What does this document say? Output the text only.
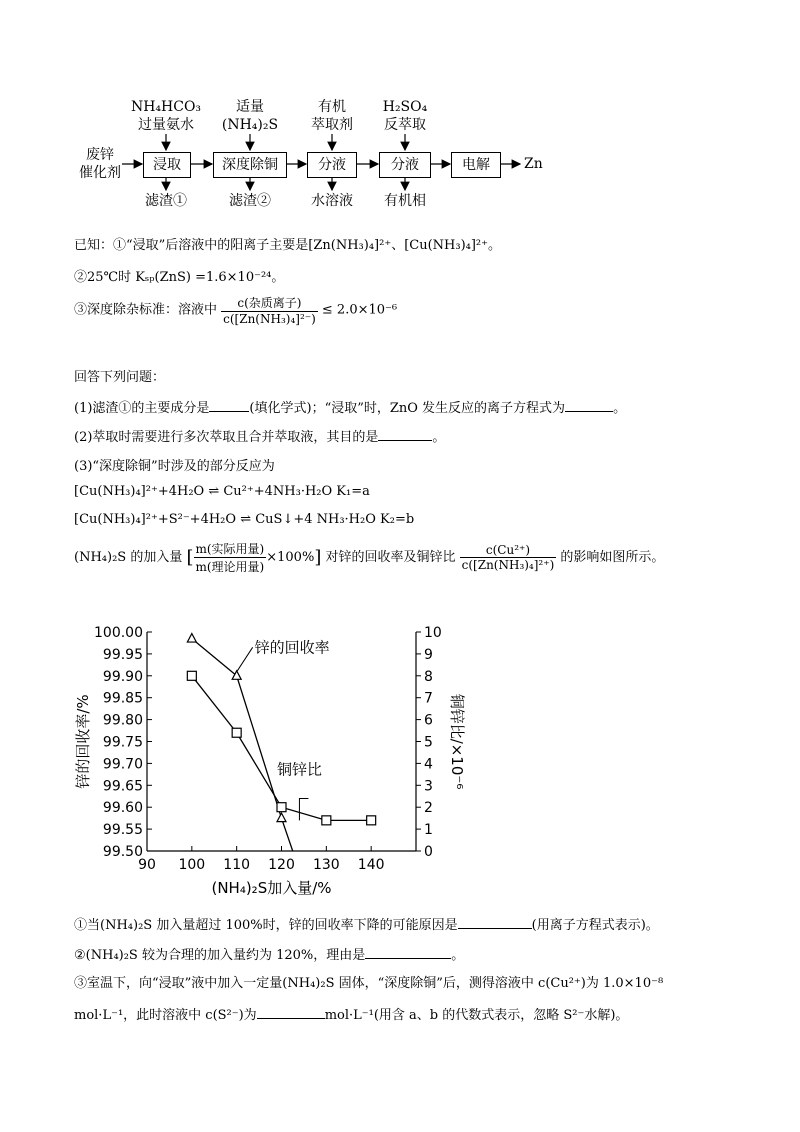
废锌
催化剂
NH₄HCO₃
过量氨水
适量
(NH₄)₂S
有机
萃取剂
H₂SO₄
反萃取
浸取	深度除铜	分液	分液	电解	Zn
滤渣①	滤渣②	水溶液	有机相
已知：①“浸取”后溶液中的阳离子主要是[Zn(NH₃)₄]²⁺、[Cu(NH₃)₄]²⁺。
②25℃时 Kₛₚ(ZnS) =1.6×10⁻²⁴。
③深度除杂标准：溶液中 $\frac{\text{c(杂质离子)}}{\text{c([Zn(NH₃)₄]²⁻)}} \le 2.0\times 10^{-6}$
回答下列问题：
(1)滤渣①的主要成分是	(填化学式)；“浸取”时，ZnO 发生反应的离子方程式为	。
(2)萃取时需要进行多次萃取且合并萃取液，其目的是	。
(3)“深度除铜”时涉及的部分反应为
[Cu(NH₃)₄]²⁺+4H₂O ⇌ Cu²⁺+4NH₃·H₂O K₁=a
[Cu(NH₃)₄]²⁺+S²⁻+4H₂O ⇌ CuS↓+4 NH₃·H₂O K₂=b
(NH₄)₂S 的加入量 [ $\frac{\text{m(实际用量)}}{\text{m(理论用量)}} \times 100\%$] 对锌的回收率及铜锌比 $\frac{\text{c(Cu²⁺)}}{\text{c([Zn(NH₃)₄]²⁺)}}$ 的影响如图所示。
99.50
99.55
99.60
99.65
99.70
99.75
99.80
99.85
99.90
99.95
100.00
0
1
2
3
4
5
6
7
8
9
10
90 100 110 120 130 140
(NH₄)₂S加入量/%
锌的回收率/%	铜锌比/×10⁻⁶
锌的回收率
铜锌比
①当(NH₄)₂S 加入量超过 100%时，锌的回收率下降的可能原因是	(用离子方程式表示)。
②(NH₄)₂S 较为合理的加入量约为 120%，理由是	。
③室温下，向“浸取”液中加入一定量(NH₄)₂S 固体，“深度除铜”后，测得溶液中 c(Cu²⁺)为 1.0×10⁻⁸
mol·L⁻¹，此时溶液中 c(S²⁻)为	mol·L⁻¹(用含 a、b 的代数式表示，忽略 S²⁻水解)。
